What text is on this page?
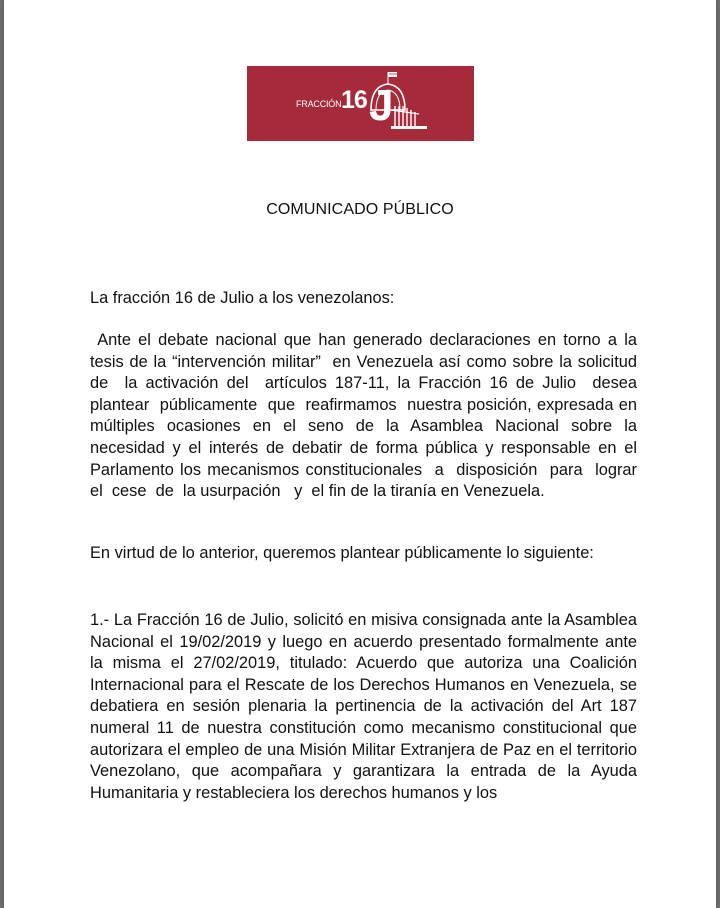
FRACCIÓN 16 J
COMUNICADO PÚBLICO
La fracción 16 de Julio a los venezolanos:
Ante el debate nacional que han generado declaraciones en torno a la tesis de la “intervención militar”  en Venezuela así como sobre la solicitud de  la activación del  artículos 187-11, la Fracción 16 de Julio  desea  plantear  públicamente  que  reafirmamos  nuestra posición, expresada en múltiples ocasiones en el seno de la Asamblea Nacional sobre la necesidad y el interés de debatir de forma pública y responsable en el Parlamento los mecanismos constitucionales  a  disposición  para  lograr  el  cese  de  la usurpación   y  el fin de la tiranía en Venezuela.
En virtud de lo anterior, queremos plantear públicamente lo siguiente:
1.- La Fracción 16 de Julio, solicitó en misiva consignada ante la Asamblea Nacional el 19/02/2019 y luego en acuerdo presentado formalmente ante la misma el 27/02/2019, titulado: Acuerdo que autoriza una Coalición Internacional para el Rescate de los Derechos Humanos en Venezuela, se debatiera en sesión plenaria la pertinencia de la activación del Art 187 numeral 11 de nuestra constitución como mecanismo constitucional que autorizara el empleo de una Misión Militar Extranjera de Paz en el territorio Venezolano, que acompañara y garantizara la entrada de la Ayuda Humanitaria y restableciera los derechos humanos y los
